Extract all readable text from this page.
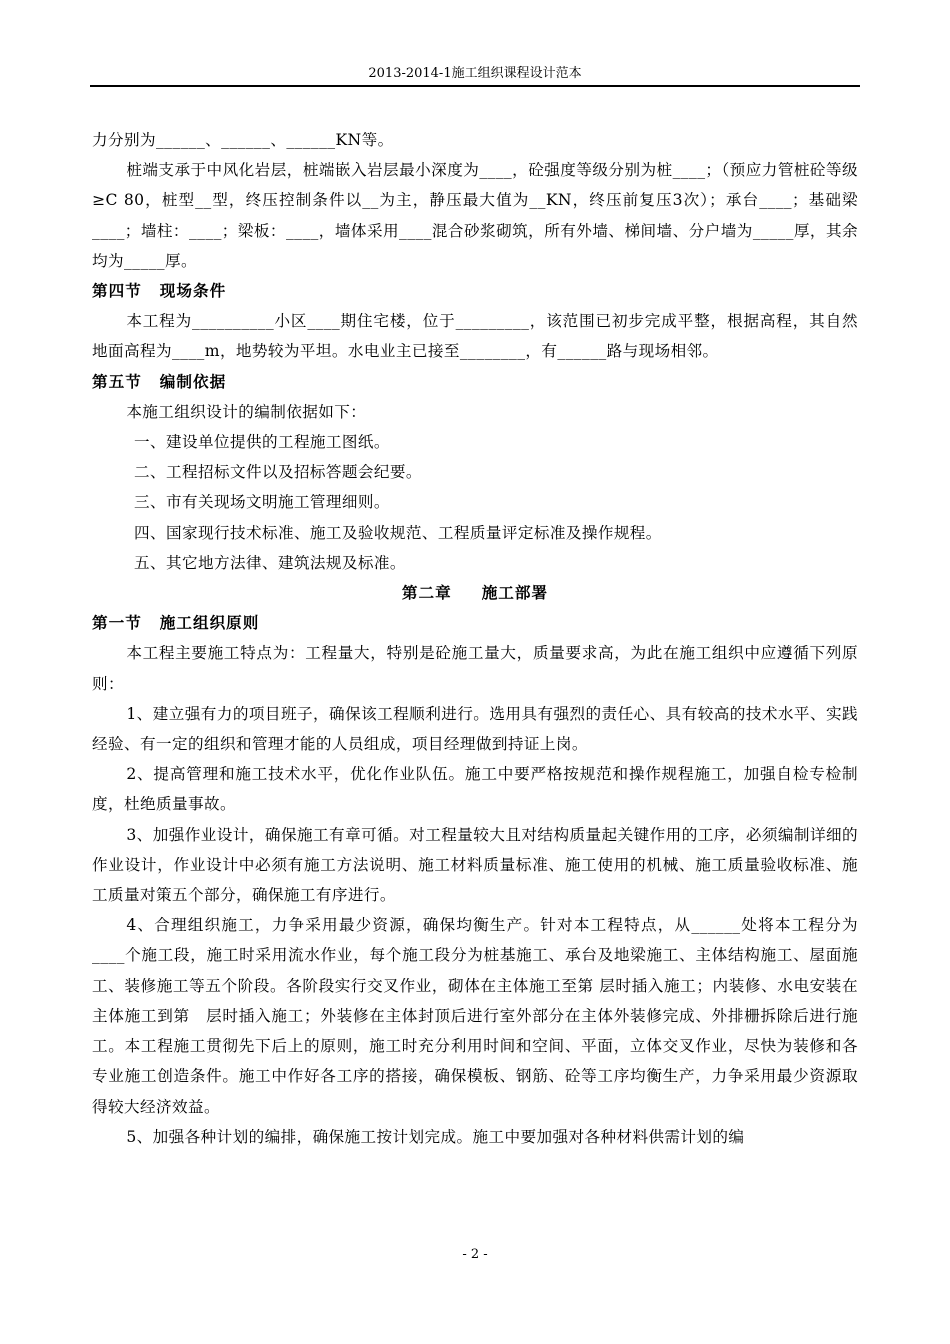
2013-2014-1施工组织课程设计范本

力分别为______、______、______KN等。

桩端支承于中风化岩层，桩端嵌入岩层最小深度为____，砼强度等级分别为桩____；（预应力管桩砼等级≥C 80，桩型__型，终压控制条件以__为主，静压最大值为__KN，终压前复压3次）；承台____；基础梁____；墙柱：____；梁板：____，墙体采用____混合砂浆砌筑，所有外墙、梯间墙、分户墙为_____厚，其余均为_____厚。

第四节 现场条件

本工程为__________小区____期住宅楼，位于_________，该范围已初步完成平整，根据高程，其自然地面高程为____m，地势较为平坦。水电业主已接至________，有______路与现场相邻。

第五节 编制依据

本施工组织设计的编制依据如下：

一、建设单位提供的工程施工图纸。

二、工程招标文件以及招标答题会纪要。

三、市有关现场文明施工管理细则。

四、国家现行技术标准、施工及验收规范、工程质量评定标准及操作规程。

五、其它地方法律、建筑法规及标准。

第二章 施工部署

第一节 施工组织原则

本工程主要施工特点为：工程量大，特别是砼施工量大，质量要求高，为此在施工组织中应遵循下列原则：

1、建立强有力的项目班子，确保该工程顺利进行。选用具有强烈的责任心、具有较高的技术水平、实践经验、有一定的组织和管理才能的人员组成，项目经理做到持证上岗。

2、提高管理和施工技术水平，优化作业队伍。施工中要严格按规范和操作规程施工，加强自检专检制度，杜绝质量事故。

3、加强作业设计，确保施工有章可循。对工程量较大且对结构质量起关键作用的工序，必须编制详细的作业设计，作业设计中必须有施工方法说明、施工材料质量标准、施工使用的机械、施工质量验收标准、施工质量对策五个部分，确保施工有序进行。

4、合理组织施工，力争采用最少资源，确保均衡生产。针对本工程特点，从______处将本工程分为____个施工段，施工时采用流水作业，每个施工段分为桩基施工、承台及地梁施工、主体结构施工、屋面施工、装修施工等五个阶段。各阶段实行交叉作业，砌体在主体施工至第 层时插入施工；内装修、水电安装在主体施工到第　层时插入施工；外装修在主体封顶后进行室外部分在主体外装修完成、外排栅拆除后进行施工。本工程施工贯彻先下后上的原则，施工时充分利用时间和空间、平面，立体交叉作业，尽快为装修和各专业施工创造条件。施工中作好各工序的搭接，确保模板、钢筋、砼等工序均衡生产，力争采用最少资源取得较大经济效益。

5、加强各种计划的编排，确保施工按计划完成。施工中要加强对各种材料供需计划的编

- 2 -
